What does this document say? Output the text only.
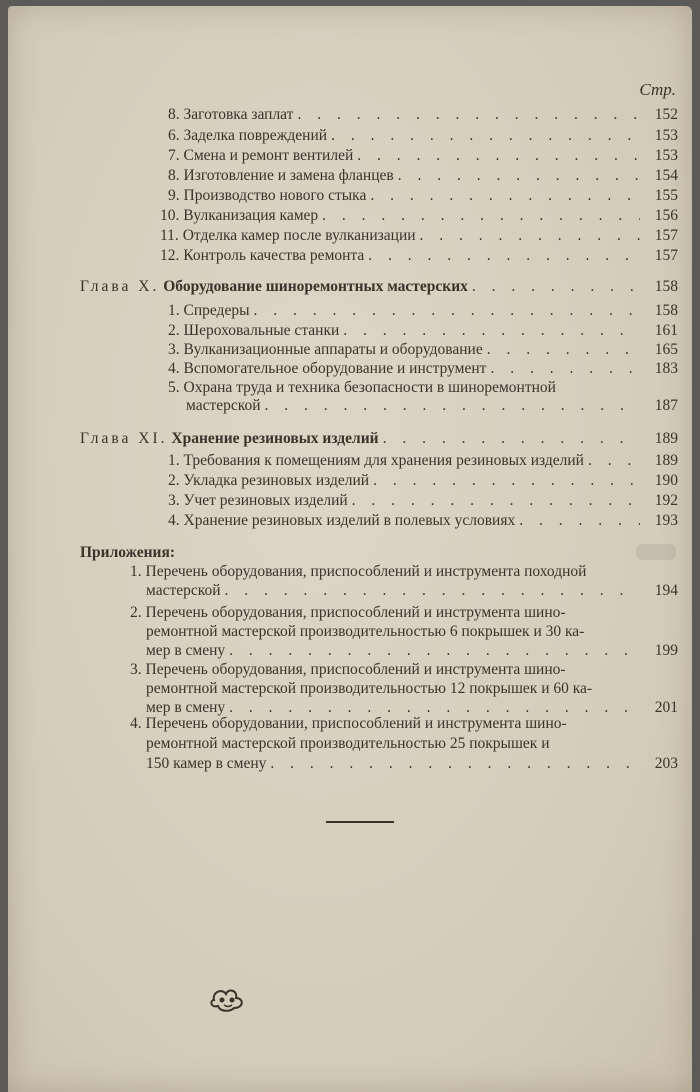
Стр.
8. Заготовка заплат . . .	152
6. Заделка повреждений . . .	153
7. Смена и ремонт вентилей . . .	153
8. Изготовление и замена фланцев . . .	154
9. Производство нового стыка . . .	155
10. Вулканизация камер . . .	156
11. Отделка камер после вулканизации . . .	157
12. Контроль качества ремонта . . .	157
Глава X. Оборудование шиноремонтных мастерских . . .	158
1. Спредеры . . .	158
2. Шероховальные станки . . .	161
3. Вулканизационные аппараты и оборудование . . .	165
4. Вспомогательное оборудование и инструмент . . .	183
5. Охрана труда и техника безопасности в шиноремонтной
мастерской . . .	187
Глава XI. Хранение резиновых изделий . . .	189
1. Требования к помещениям для хранения резиновых изделий . . .	189
2. Укладка резиновых изделий . . .	190
3. Учет резиновых изделий . . .	192
4. Хранение резиновых изделий в полевых условиях . . .	193
Приложения:
1. Перечень оборудования, приспособлений и инструмента походной
мастерской . . .	194
2. Перечень оборудования, приспособлений и инструмента шино-
ремонтной мастерской производительностью 6 покрышек и 30 ка-
мер в смену . . .	199
3. Перечень оборудования, приспособлений и инструмента шино-
ремонтной мастерской производительностью 12 покрышек и 60 ка-
мер в смену . . .	201
4. Перечень оборудовании, приспособлений и инструмента шино-
ремонтной мастерской производительностью 25 покрышек и
150 камер в смену . . .	203
